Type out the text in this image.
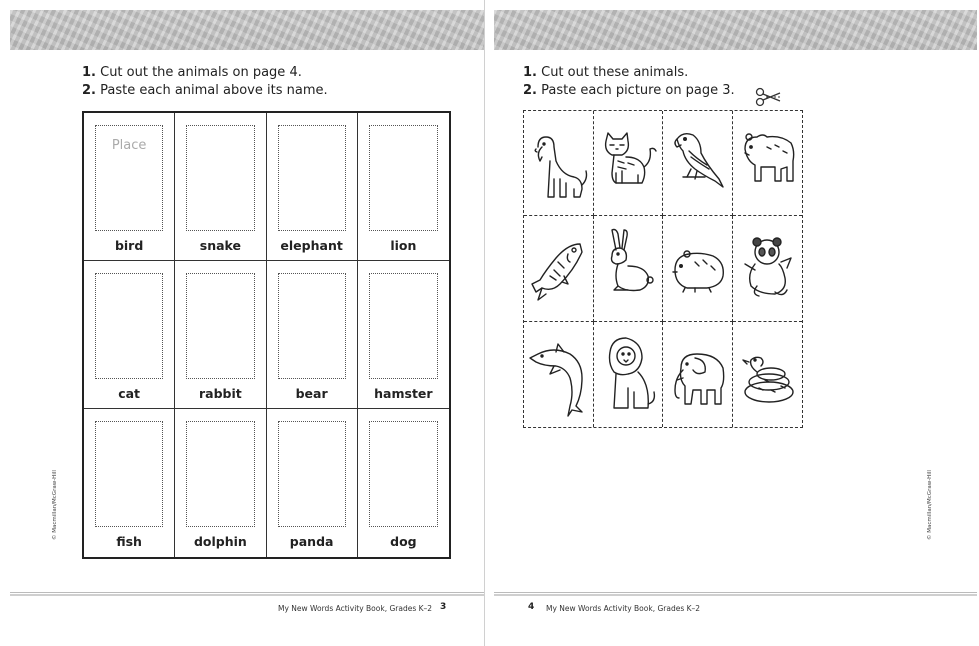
1. Cut out the animals on page 4.
2. Paste each animal above its name.
Place
bird	snake	elephant	lion
cat	rabbit	bear	hamster
fish	dolphin	panda	dog
© Macmillan/McGraw-Hill
My New Words Activity Book, Grades K–2 3
1. Cut out these animals.
2. Paste each picture on page 3.
© Macmillan/McGraw-Hill
4 My New Words Activity Book, Grades K–2
